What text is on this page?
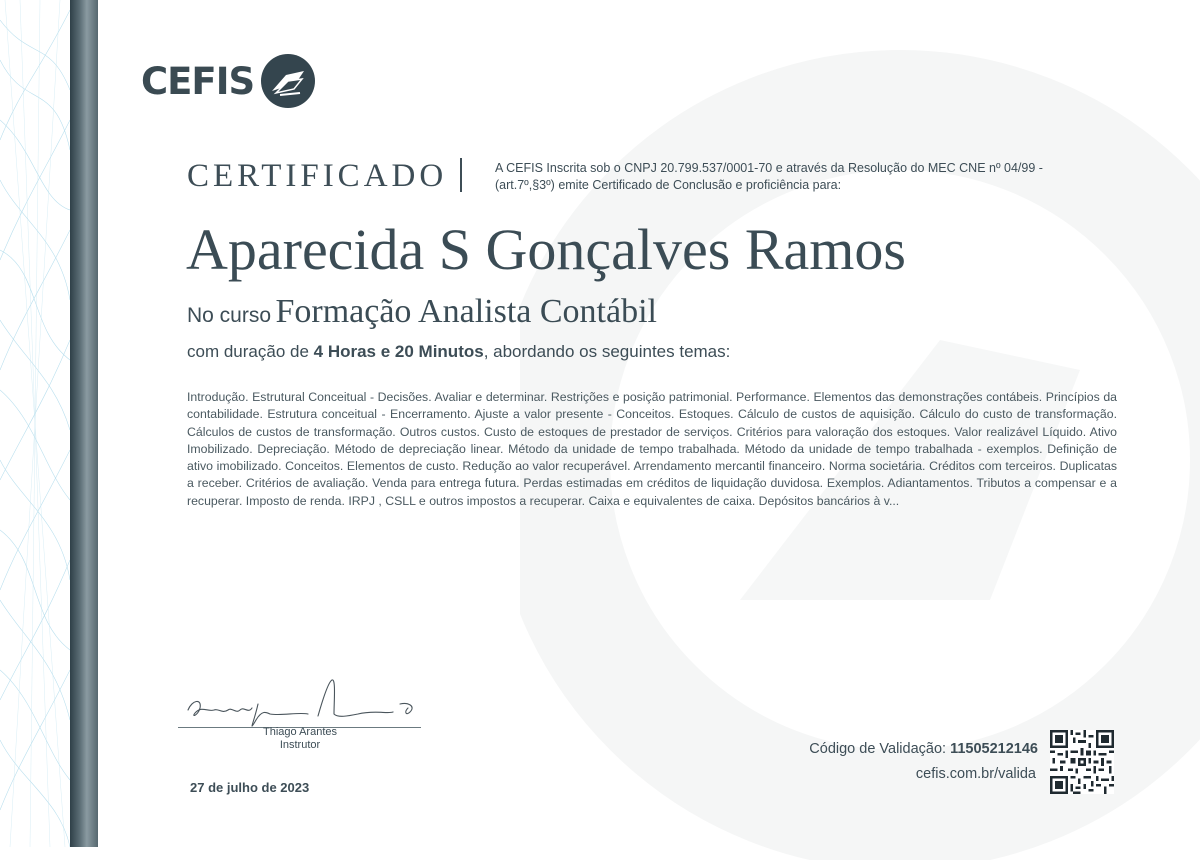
CEFIS
CERTIFICADO	A CEFIS Inscrita sob o CNPJ 20.799.537/0001-70 e através da Resolução do MEC CNE nº 04/99 -(art.7º,§3º) emite Certificado de Conclusão e proficiência para:
Aparecida S Gonçalves Ramos
No curso Formação Analista Contábil
com duração de 4 Horas e 20 Minutos, abordando os seguintes temas:
Introdução. Estrutural Conceitual - Decisões. Avaliar e determinar. Restrições e posição patrimonial. Performance. Elementos das demonstrações contábeis. Princípios da contabilidade. Estrutura conceitual - Encerramento. Ajuste a valor presente - Conceitos. Estoques. Cálculo de custos de aquisição. Cálculo do custo de transformação. Cálculos de custos de transformação. Outros custos. Custo de estoques de prestador de serviços. Critérios para valoração dos estoques. Valor realizável Líquido. Ativo Imobilizado. Depreciação. Método de depreciação linear. Método da unidade de tempo trabalhada. Método da unidade de tempo trabalhada - exemplos. Definição de ativo imobilizado. Conceitos. Elementos de custo. Redução ao valor recuperável. Arrendamento mercantil financeiro. Norma societária. Créditos com terceiros. Duplicatas a receber. Critérios de avaliação. Venda para entrega futura. Perdas estimadas em créditos de liquidação duvidosa. Exemplos. Adiantamentos. Tributos a compensar e a recuperar. Imposto de renda. IRPJ , CSLL e outros impostos a recuperar. Caixa e equivalentes de caixa. Depósitos bancários à v...
Thiago Arantes
Instrutor
27 de julho de 2023
Código de Validação: 11505212146
cefis.com.br/valida
